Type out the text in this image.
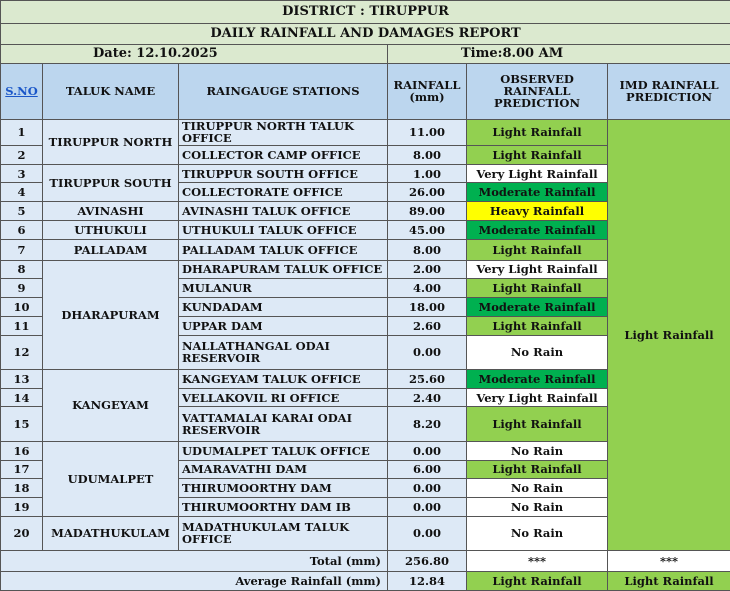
DISTRICT : TIRUPPUR					
DAILY RAINFALL AND DAMAGES REPORT					
Date: 12.10.2025			Time:8.00 AM		
S.NO	TALUK NAME	RAINGAUGE STATIONS	RAINFALL (mm)	OBSERVED RAINFALL PREDICTION	IMD RAINFALL PREDICTION
1	TIRUPPUR NORTH	TIRUPPUR NORTH TALUK OFFICE	11.00	Light Rainfall	Light Rainfall
2		COLLECTOR CAMP OFFICE	8.00	Light Rainfall	
3	TIRUPPUR SOUTH	TIRUPPUR SOUTH OFFICE	1.00	Very Light Rainfall	
4		COLLECTORATE OFFICE	26.00	Moderate Rainfall	
5	AVINASHI	AVINASHI TALUK OFFICE	89.00	Heavy Rainfall	
6	UTHUKULI	UTHUKULI TALUK OFFICE	45.00	Moderate Rainfall	
7	PALLADAM	PALLADAM TALUK OFFICE	8.00	Light Rainfall	
8	DHARAPURAM	DHARAPURAM TALUK OFFICE	2.00	Very Light Rainfall	
9		MULANUR	4.00	Light Rainfall	
10		KUNDADAM	18.00	Moderate Rainfall	
11		UPPAR DAM	2.60	Light Rainfall	
12		NALLATHANGAL ODAI RESERVOIR	0.00	No Rain	
13	KANGEYAM	KANGEYAM TALUK OFFICE	25.60	Moderate Rainfall	
14		VELLAKOVIL RI OFFICE	2.40	Very Light Rainfall	
15		VATTAMALAI KARAI ODAI RESERVOIR	8.20	Light Rainfall	
16	UDUMALPET	UDUMALPET TALUK OFFICE	0.00	No Rain	
17		AMARAVATHI DAM	6.00	Light Rainfall	
18		THIRUMOORTHY DAM	0.00	No Rain	
19		THIRUMOORTHY DAM IB	0.00	No Rain	
20	MADATHUKULAM	MADATHUKULAM TALUK OFFICE	0.00	No Rain	
Total (mm)			256.80	***	***
Average Rainfall (mm)			12.84	Light Rainfall	Light Rainfall
